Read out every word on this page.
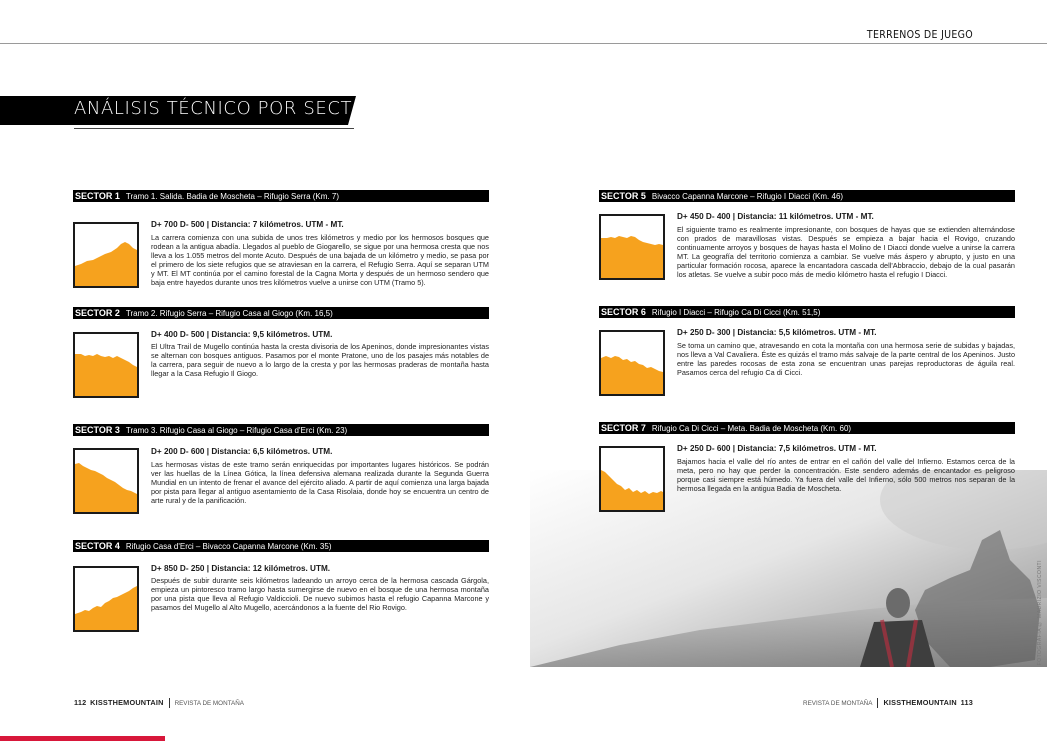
TERRENOS DE JUEGO
ANÁLISIS TÉCNICO POR SECTORES
FOTOGRAFÍA © MAURIZIO VISCONTI
SECTOR 1 Tramo 1. Salida. Badia de Moscheta – Rifugio Serra (Km. 7)
D+ 700 D- 500 | Distancia: 7 kilómetros. UTM - MT.
La carrera comienza con una subida de unos tres kilómetros y medio por los hermosos bosques que rodean a la antigua abadía. Llegados al pueblo de Giogarello, se sigue por una hermosa cresta que nos lleva a los 1.055 metros del monte Acuto. Después de una bajada de un kilómetro y medio, se pasa por el primero de los siete refugios que se atraviesan en la carrera, el Refugio Serra. Aquí se separan UTM y MT. El MT continúa por el camino forestal de la Cagna Morta y después de un hermoso sendero que baja entre hayedos durante unos tres kilómetros vuelve a unirse con UTM (Tramo 5).
SECTOR 2 Tramo 2. Rifugio Serra – Rifugio Casa al Giogo (Km. 16,5)
D+ 400 D- 500 | Distancia: 9,5 kilómetros. UTM.
El Ultra Trail de Mugello continúa hasta la cresta divisoria de los Apeninos, donde impresionantes vistas se alternan con bosques antiguos. Pasamos por el monte Pratone, uno de los pasajes más notables de la carrera, para seguir de nuevo a lo largo de la cresta y por las hermosas praderas de montaña hasta llegar a la Casa Refugio Il Giogo.
SECTOR 3 Tramo 3. Rifugio Casa al Giogo – Rifugio Casa d'Erci (Km. 23)
D+ 200 D- 600 | Distancia: 6,5 kilómetros. UTM.
Las hermosas vistas de este tramo serán enriquecidas por importantes lugares históricos. Se podrán ver las huellas de la Línea Gótica, la línea defensiva alemana realizada durante la Segunda Guerra Mundial en un intento de frenar el avance del ejército aliado. A partir de aquí comienza una larga bajada por pista para llegar al antiguo asentamiento de la Casa Risolaia, donde hoy se encuentra un centro de arte rural y de la panificación.
SECTOR 4 Rifugio Casa d'Erci – Bivacco Capanna Marcone (Km. 35)
D+ 850 D- 250 | Distancia: 12 kilómetros. UTM.
Después de subir durante seis kilómetros ladeando un arroyo cerca de la hermosa cascada Gárgola, empieza un pintoresco tramo largo hasta sumergirse de nuevo en el bosque de una hermosa montaña por una pista que lleva al Refugio Valdiccioli. De nuevo subimos hasta el refugio Capanna Marcone y pasamos del Mugello al Alto Mugello, acercándonos a la fuente del Rio Rovigo.
SECTOR 5 Bivacco Capanna Marcone – Rifugio I Diacci (Km. 46)
D+ 450 D- 400 | Distancia: 11 kilómetros. UTM - MT.
El siguiente tramo es realmente impresionante, con bosques de hayas que se extienden alternándose con prados de maravillosas vistas. Después se empieza a bajar hacia el Rovigo, cruzando continuamente arroyos y bosques de hayas hasta el Molino de I Diacci donde vuelve a unirse la carrera MT. La geografía del territorio comienza a cambiar. Se vuelve más áspero y abrupto, y justo en una particular formación rocosa, aparece la encantadora cascada dell'Abbraccio, debajo de la cual pasarán los atletas. Se vuelve a subir poco más de medio kilómetro hasta el refugio I Diacci.
SECTOR 6 Rifugio I Diacci – Rifugio Ca Di Cicci (Km. 51,5)
D+ 250 D- 300 | Distancia: 5,5 kilómetros. UTM - MT.
Se toma un camino que, atravesando en cota la montaña con una hermosa serie de subidas y bajadas, nos lleva a Val Cavaliera. Éste es quizás el tramo más salvaje de la parte central de los Apeninos. Justo entre las paredes rocosas de esta zona se encuentran unas parejas reproductoras de águila real. Pasamos cerca del refugio Ca di Cicci.
SECTOR 7 Rifugio Ca Di Cicci – Meta. Badia de Moscheta (Km. 60)
D+ 250 D- 600 | Distancia: 7,5 kilómetros. UTM - MT.
Bajamos hacia el valle del río antes de entrar en el cañón del valle del Infierno. Estamos cerca de la meta, pero no hay que perder la concentración. Este sendero además de encantador es peligroso porque casi siempre está húmedo. Ya fuera del valle del Infierno, sólo 500 metros nos separan de la hermosa llegada en la antigua Badia de Moscheta.
112 KISSTHEMOUNTAIN REVISTA DE MONTAÑA	REVISTA DE MONTAÑA KISSTHEMOUNTAIN 113
